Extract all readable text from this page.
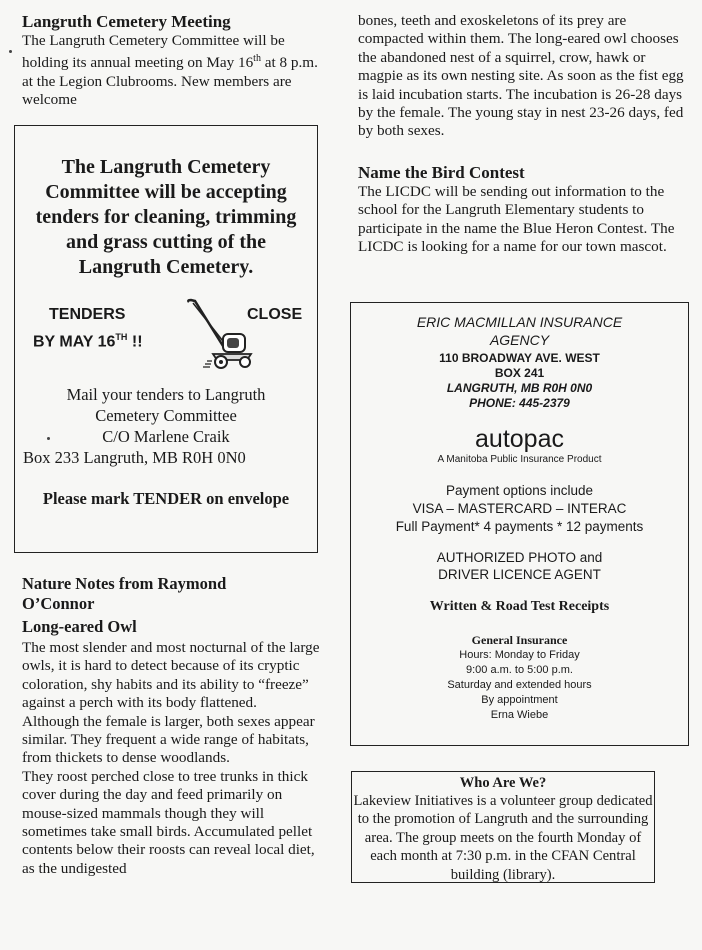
Langruth Cemetery Meeting

The Langruth Cemetery Committee will be holding its annual meeting on May 16th at 8 p.m. at the Legion Clubrooms. New members are welcome

The Langruth Cemetery
Committee will be accepting
tenders for cleaning, trimming
and grass cutting of the
Langruth Cemetery.
TENDERS
BY MAY 16TH !!
CLOSE
Mail your tenders to Langruth
Cemetery Committee
C/O Marlene Craik
Box 233 Langruth, MB R0H 0N0
Please mark TENDER on envelope
Nature Notes from Raymond
O’Connor
Long-eared Owl

The most slender and most nocturnal of the large owls, it is hard to detect because of its cryptic coloration, shy habits and its ability to “freeze” against a perch with its body flattened.

Although the female is larger, both sexes appear similar. They frequent a wide range of habitats, from thickets to dense woodlands.

They roost perched close to tree trunks in thick cover during the day and feed primarily on mouse-sized mammals though they will sometimes take small birds. Accumulated pellet contents below their roosts can reveal local diet, as the undigested

bones, teeth and exoskeletons of its prey are compacted within them. The long-eared owl chooses the abandoned nest of a squirrel, crow, hawk or magpie as its own nesting site. As soon as the fist egg is laid incubation starts. The incubation is 26-28 days by the female. The young stay in nest 23-26 days, fed by both sexes.

Name the Bird Contest

The LICDC will be sending out information to the school for the Langruth Elementary students to participate in the name the Blue Heron Contest. The LICDC is looking for a name for our town mascot.

ERIC MACMILLAN INSURANCE
AGENCY
110 BROADWAY AVE. WEST
BOX 241
LANGRUTH, MB R0H 0N0
PHONE: 445-2379
autopac
A Manitoba Public Insurance Product
Payment options include
VISA – MASTERCARD – INTERAC
Full Payment* 4 payments * 12 payments
AUTHORIZED PHOTO and
DRIVER LICENCE AGENT
Written & Road Test Receipts
General Insurance
Hours: Monday to Friday
9:00 a.m. to 5:00 p.m.
Saturday and extended hours
By appointment
Erna Wiebe
Who Are We?

Lakeview Initiatives is a volunteer group dedicated to the promotion of Langruth and the surrounding area. The group meets on the fourth Monday of each month at 7:30 p.m. in the CFAN Central building (library).
